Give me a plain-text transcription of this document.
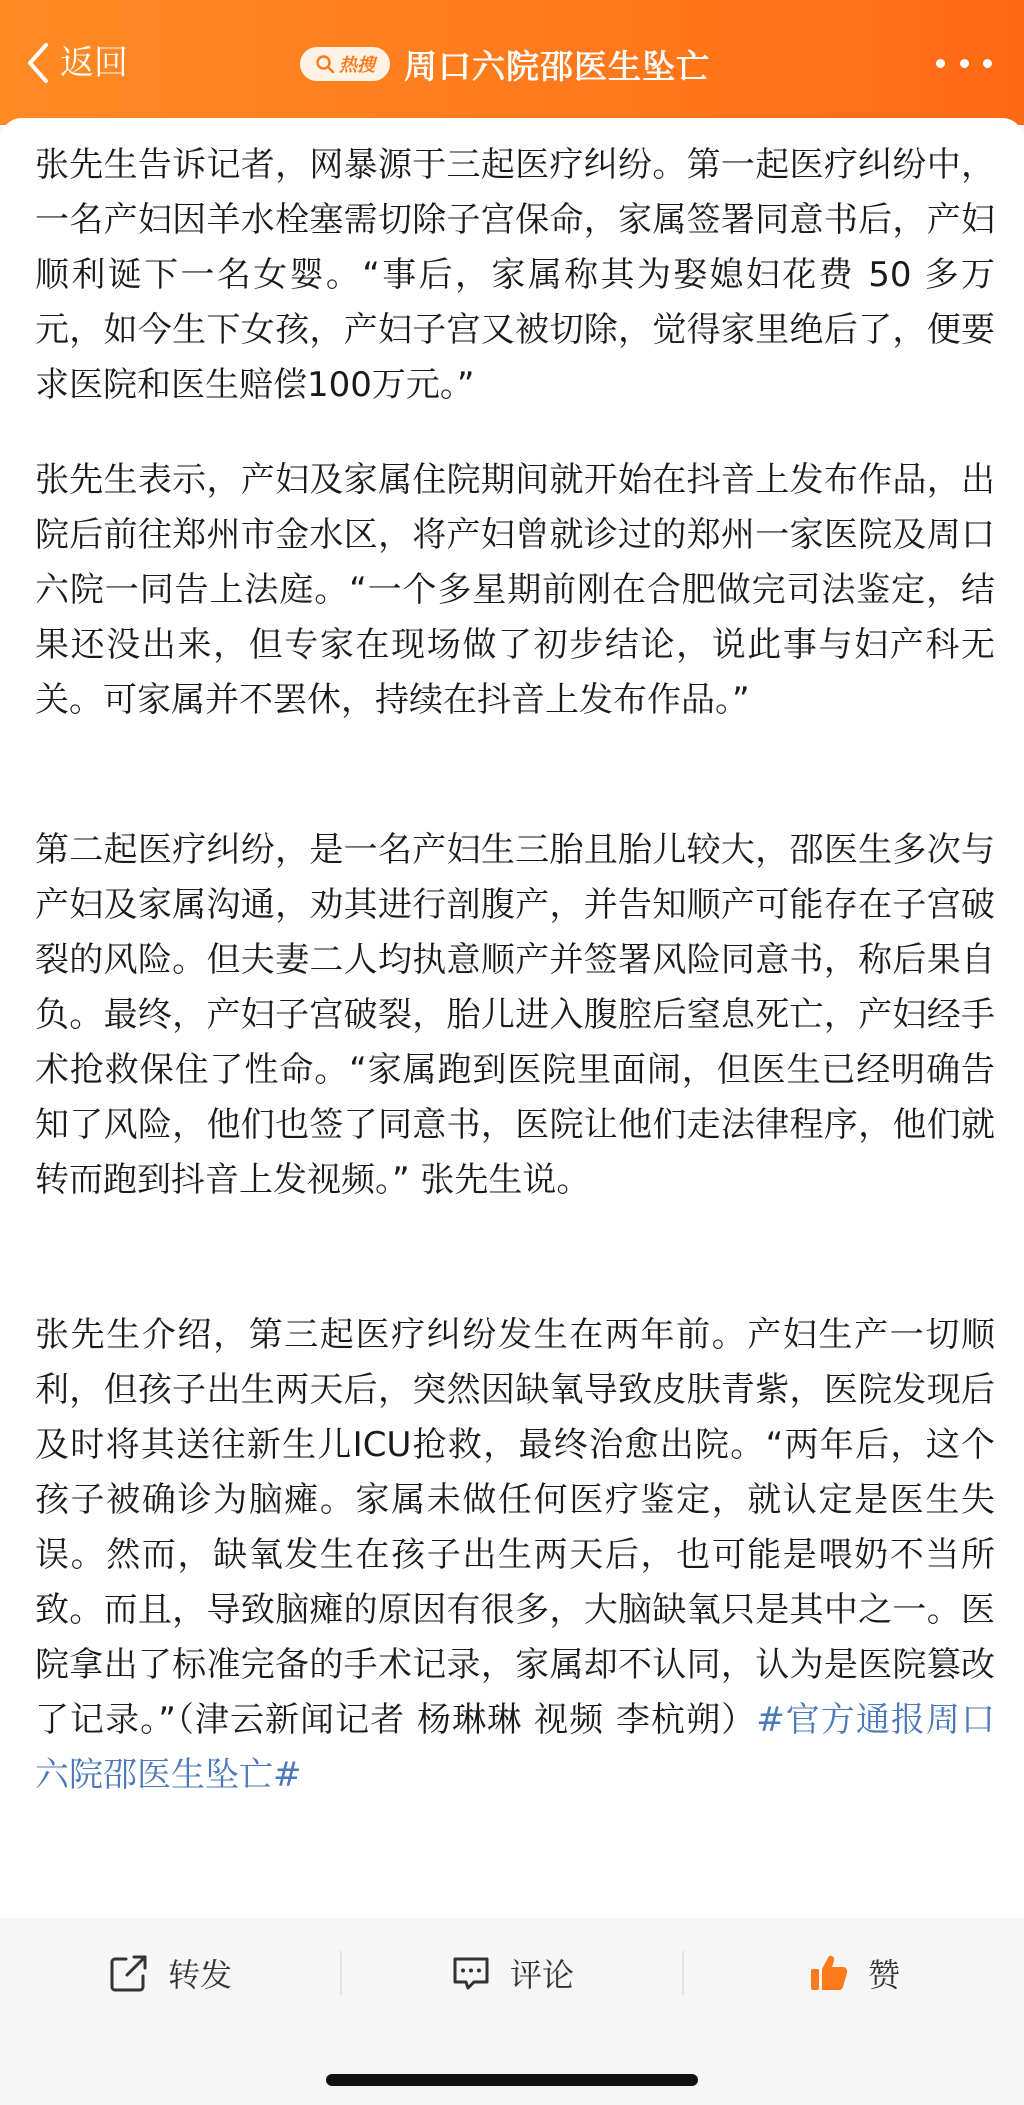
返回	热搜 周口六院邵医生坠亡

张先生告诉记者，网暴源于三起医疗纠纷。第一起医疗纠纷中，一名产妇因羊水栓塞需切除子宫保命，家属签署同意书后，产妇顺利诞下一名女婴。“事后，家属称其为娶媳妇花费 50 多万元，如今生下女孩，产妇子宫又被切除，觉得家里绝后了，便要求医院和医生赔偿100万元。”

张先生表示，产妇及家属住院期间就开始在抖音上发布作品，出院后前往郑州市金水区，将产妇曾就诊过的郑州一家医院及周口六院一同告上法庭。“一个多星期前刚在合肥做完司法鉴定，结果还没出来，但专家在现场做了初步结论，说此事与妇产科无关。可家属并不罢休，持续在抖音上发布作品。”

第二起医疗纠纷，是一名产妇生三胎且胎儿较大，邵医生多次与产妇及家属沟通，劝其进行剖腹产，并告知顺产可能存在子宫破裂的风险。但夫妻二人均执意顺产并签署风险同意书，称后果自负。最终，产妇子宫破裂，胎儿进入腹腔后窒息死亡，产妇经手术抢救保住了性命。“家属跑到医院里面闹，但医生已经明确告知了风险，他们也签了同意书，医院让他们走法律程序，他们就转而跑到抖音上发视频。” 张先生说。

张先生介绍，第三起医疗纠纷发生在两年前。产妇生产一切顺利，但孩子出生两天后，突然因缺氧导致皮肤青紫，医院发现后及时将其送往新生儿ICU抢救，最终治愈出院。“两年后，这个孩子被确诊为脑瘫。家属未做任何医疗鉴定，就认定是医生失误。然而，缺氧发生在孩子出生两天后，也可能是喂奶不当所致。而且，导致脑瘫的原因有很多，大脑缺氧只是其中之一。医院拿出了标准完备的手术记录，家属却不认同，认为是医院篡改了记录。”（津云新闻记者 杨琳琳 视频 李杭朔）#官方通报周口六院邵医生坠亡#

转发	评论	赞
